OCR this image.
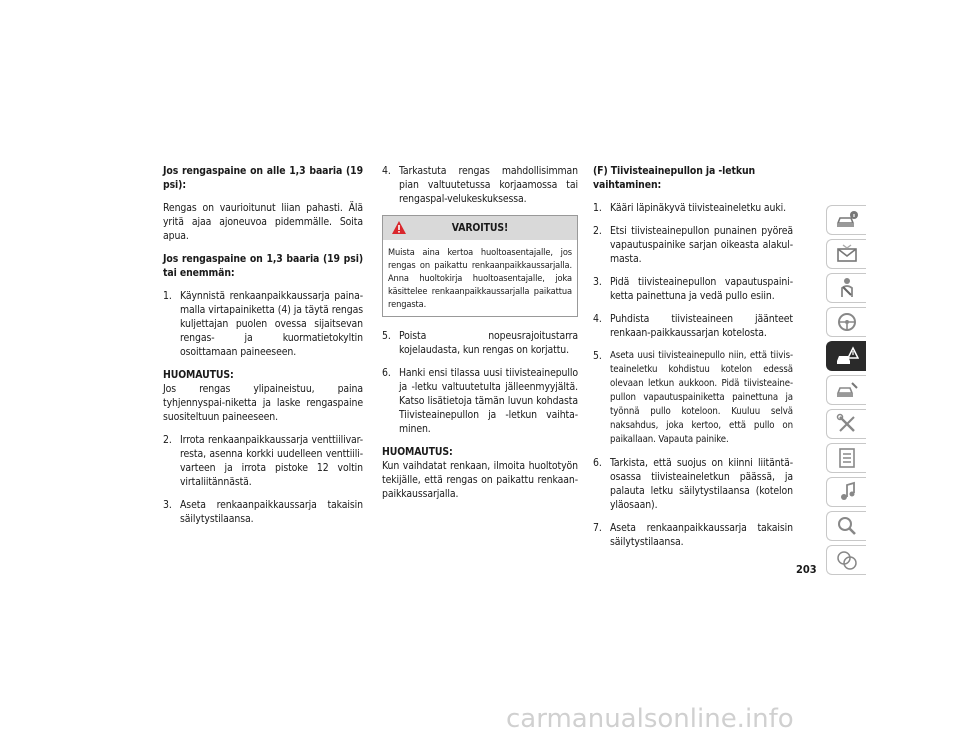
Jos rengaspaine on alle 1,3 baaria (19 psi):

Rengas on vaurioitunut liian pahasti. Älä yritä ajaa ajoneuvoa pidemmälle. Soita apua.

Jos rengaspaine on 1,3 baaria (19 psi) tai enemmän:

1. Käynnistä renkaanpaikkaussarja paina-malla virtapainiketta (4) ja täytä rengas kuljettajan puolen ovessa sijaitsevan rengas- ja kuormatietokyltin osoittamaan paineeseen.
HUOMAUTUS:
Jos rengas ylipaineistuu, paina tyhjennyspai-niketta ja laske rengaspaine suositeltuun paineeseen.
2. Irrota renkaanpaikkaussarja venttiilivar-resta, asenna korkki uudelleen venttiili-varteen ja irrota pistoke 12 voltin virtaliitännästä.
3. Aseta renkaanpaikkaussarja takaisin säilytystilaansa.
4. Tarkastuta rengas mahdollisimman pian valtuutetussa korjaamossa tai rengaspal-velukeskuksessa.
VAROITUS!
Muista aina kertoa huoltoasentajalle, jos rengas on paikattu renkaanpaikkaussarjalla. Anna huoltokirja huoltoasentajalle, joka käsittelee renkaanpaikkaussarjalla paikattua rengasta.
5. Poista nopeusrajoitustarra kojelaudasta, kun rengas on korjattu.
6. Hanki ensi tilassa uusi tiivisteainepullo ja -letku valtuutetulta jälleenmyyjältä. Katso lisätietoja tämän luvun kohdasta Tiivisteainepullon ja -letkun vaihta-minen.
HUOMAUTUS:
Kun vaihdatat renkaan, ilmoita huoltotyön tekijälle, että rengas on paikattu renkaan-paikkaussarjalla.

(F) Tiivisteainepullon ja -letkun vaihtaminen:

1. Kääri läpinäkyvä tiivisteaineletku auki.
2. Etsi tiivisteainepullon punainen pyöreä vapautuspainike sarjan oikeasta alakul-masta.
3. Pidä tiivisteainepullon vapautuspaini-ketta painettuna ja vedä pullo esiin.
4. Puhdista tiivisteaineen jäänteet renkaan-paikkaussarjan kotelosta.
5. Aseta uusi tiivisteainepullo niin, että tiivis-teaineletku kohdistuu kotelon edessä olevaan letkun aukkoon. Pidä tiivisteaine-pullon vapautuspainiketta painettuna ja työnnä pullo koteloon. Kuuluu selvä naksahdus, joka kertoo, että pullo on paikallaan. Vapauta painike.
6. Tarkista, että suojus on kiinni liitäntä-osassa tiivisteaineletkun päässä, ja palauta letku säilytystilaansa (kotelon yläosaan).
7. Aseta renkaanpaikkaussarja takaisin säilytystilaansa.
203
carmanualsonline.info
